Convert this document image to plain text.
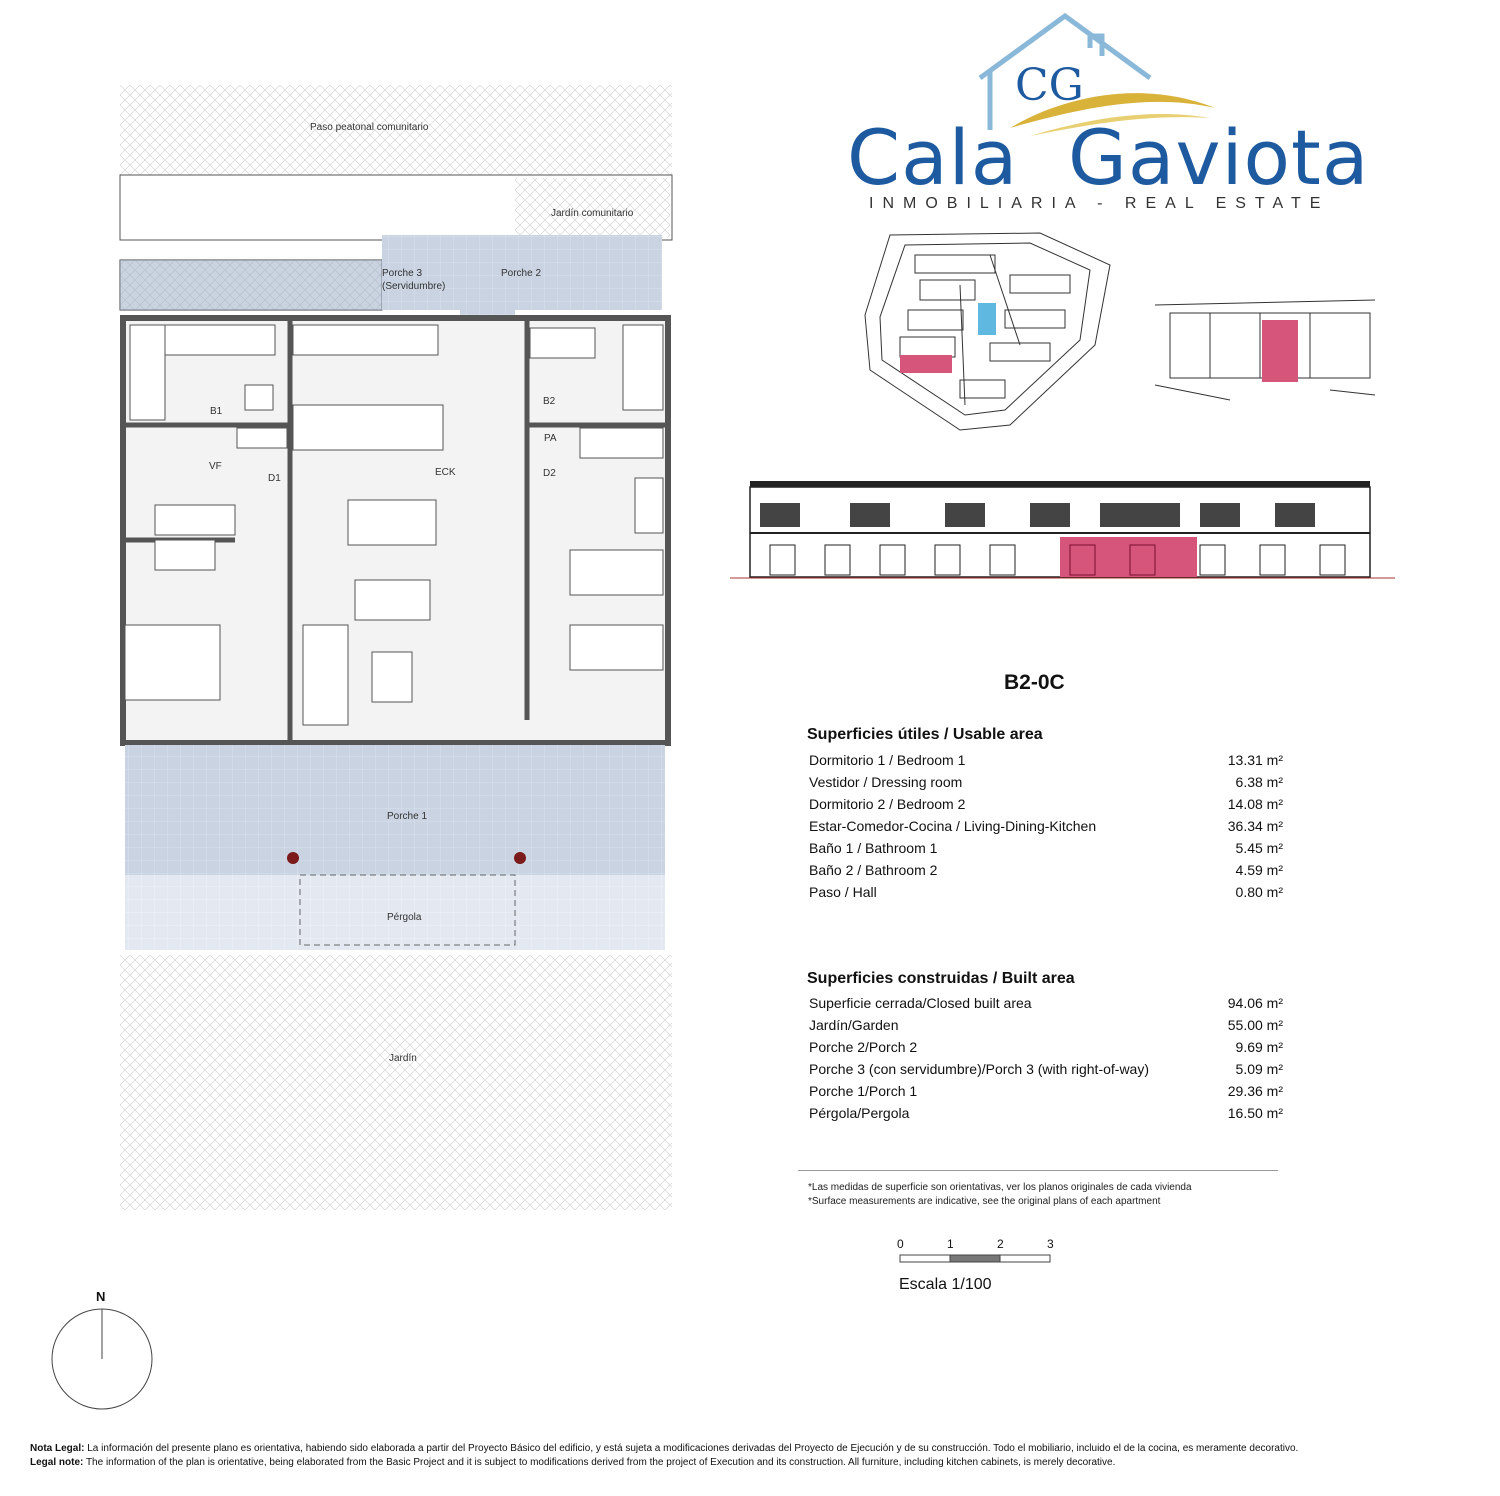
CG
Cala Gaviota
INMOBILIARIA - REAL ESTATE
Paso peatonal comunitario
Jardín comunitario
Porche 3
(Servidumbre)
Porche 2
B1
B2
PA
VF
D1	D2
ECK
Porche 1
Pérgola
Jardín
B2-0C
Superficies útiles / Usable area
Dormitorio 1 / Bedroom 1	13.31 m²
Vestidor / Dressing room	6.38 m²
Dormitorio 2 / Bedroom 2	14.08 m²
Estar-Comedor-Cocina / Living-Dining-Kitchen	36.34 m²
Baño 1 / Bathroom 1	5.45 m²
Baño 2 / Bathroom 2	4.59 m²
Paso / Hall	0.80 m²
Superficies construidas / Built area
Superficie cerrada/Closed built area	94.06 m²
Jardín/Garden	55.00 m²
Porche 2/Porch 2	9.69 m²
Porche 3 (con servidumbre)/Porch 3 (with right-of-way)	5.09 m²
Porche 1/Porch 1	29.36 m²
Pérgola/Pergola	16.50 m²
*Las medidas de superficie son orientativas, ver los planos originales de cada vivienda
*Surface measurements are indicative, see the original plans of each apartment
0	1	2	3
Escala 1/100
N
Nota Legal: La información del presente plano es orientativa, habiendo sido elaborada a partir del Proyecto Básico del edificio, y está sujeta a modificaciones derivadas del Proyecto de Ejecución y de su construcción. Todo el mobiliario, incluido el de la cocina, es meramente decorativo.
Legal note: The information of the plan is orientative, being elaborated from the Basic Project and it is subject to modifications derived from the project of Execution and its construction. All furniture, including kitchen cabinets, is merely decorative.
